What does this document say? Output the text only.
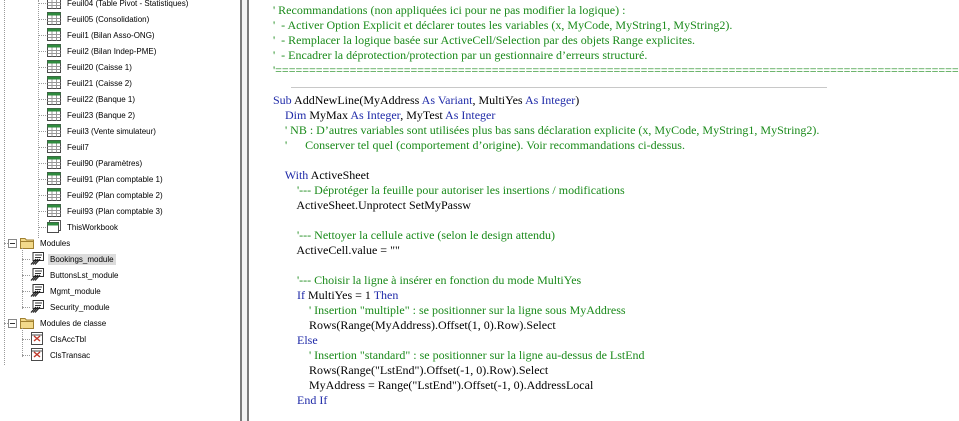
Feuil04 (Table Pivot - Statistiques)
Feuil05 (Consolidation)
Feuil1 (Bilan Asso-ONG)
Feuil2 (Bilan Indep-PME)
Feuil20 (Caisse 1)
Feuil21 (Caisse 2)
Feuil22 (Banque 1)
Feuil23 (Banque 2)
Feuil3 (Vente simulateur)
Feuil7
Feuil90 (Paramètres)
Feuil91 (Plan comptable 1)
Feuil92 (Plan comptable 2)
Feuil93 (Plan comptable 3)
ThisWorkbook
Modules
Bookings_module
ButtonsLst_module
Mgmt_module
Security_module
Modules de classe
ClsAccTbl
ClsTransac
' Recommandations (non appliquées ici pour ne pas modifier la logique) :
'  - Activer Option Explicit et déclarer toutes les variables (x, MyCode, MyString1, MyString2).
'  - Remplacer la logique basée sur ActiveCell/Selection par des objets Range explicites.
'  - Encadrer la déprotection/protection par un gestionnaire d’erreurs structuré.
'=====================================================================================================
Sub AddNewLine(MyAddress As Variant, MultiYes As Integer)
Dim MyMax As Integer, MyTest As Integer
' NB : D’autres variables sont utilisées plus bas sans déclaration explicite (x, MyCode, MyString1, MyString2).
'      Conserver tel quel (comportement d’origine). Voir recommandations ci-dessus.
With ActiveSheet
'--- Déprotéger la feuille pour autoriser les insertions / modifications
ActiveSheet.Unprotect SetMyPassw
'--- Nettoyer la cellule active (selon le design attendu)
ActiveCell.value = ""
'--- Choisir la ligne à insérer en fonction du mode MultiYes
If MultiYes = 1 Then
' Insertion "multiple" : se positionner sur la ligne sous MyAddress
Rows(Range(MyAddress).Offset(1, 0).Row).Select
Else
' Insertion "standard" : se positionner sur la ligne au-dessus de LstEnd
Rows(Range("LstEnd").Offset(-1, 0).Row).Select
MyAddress = Range("LstEnd").Offset(-1, 0).AddressLocal
End If
